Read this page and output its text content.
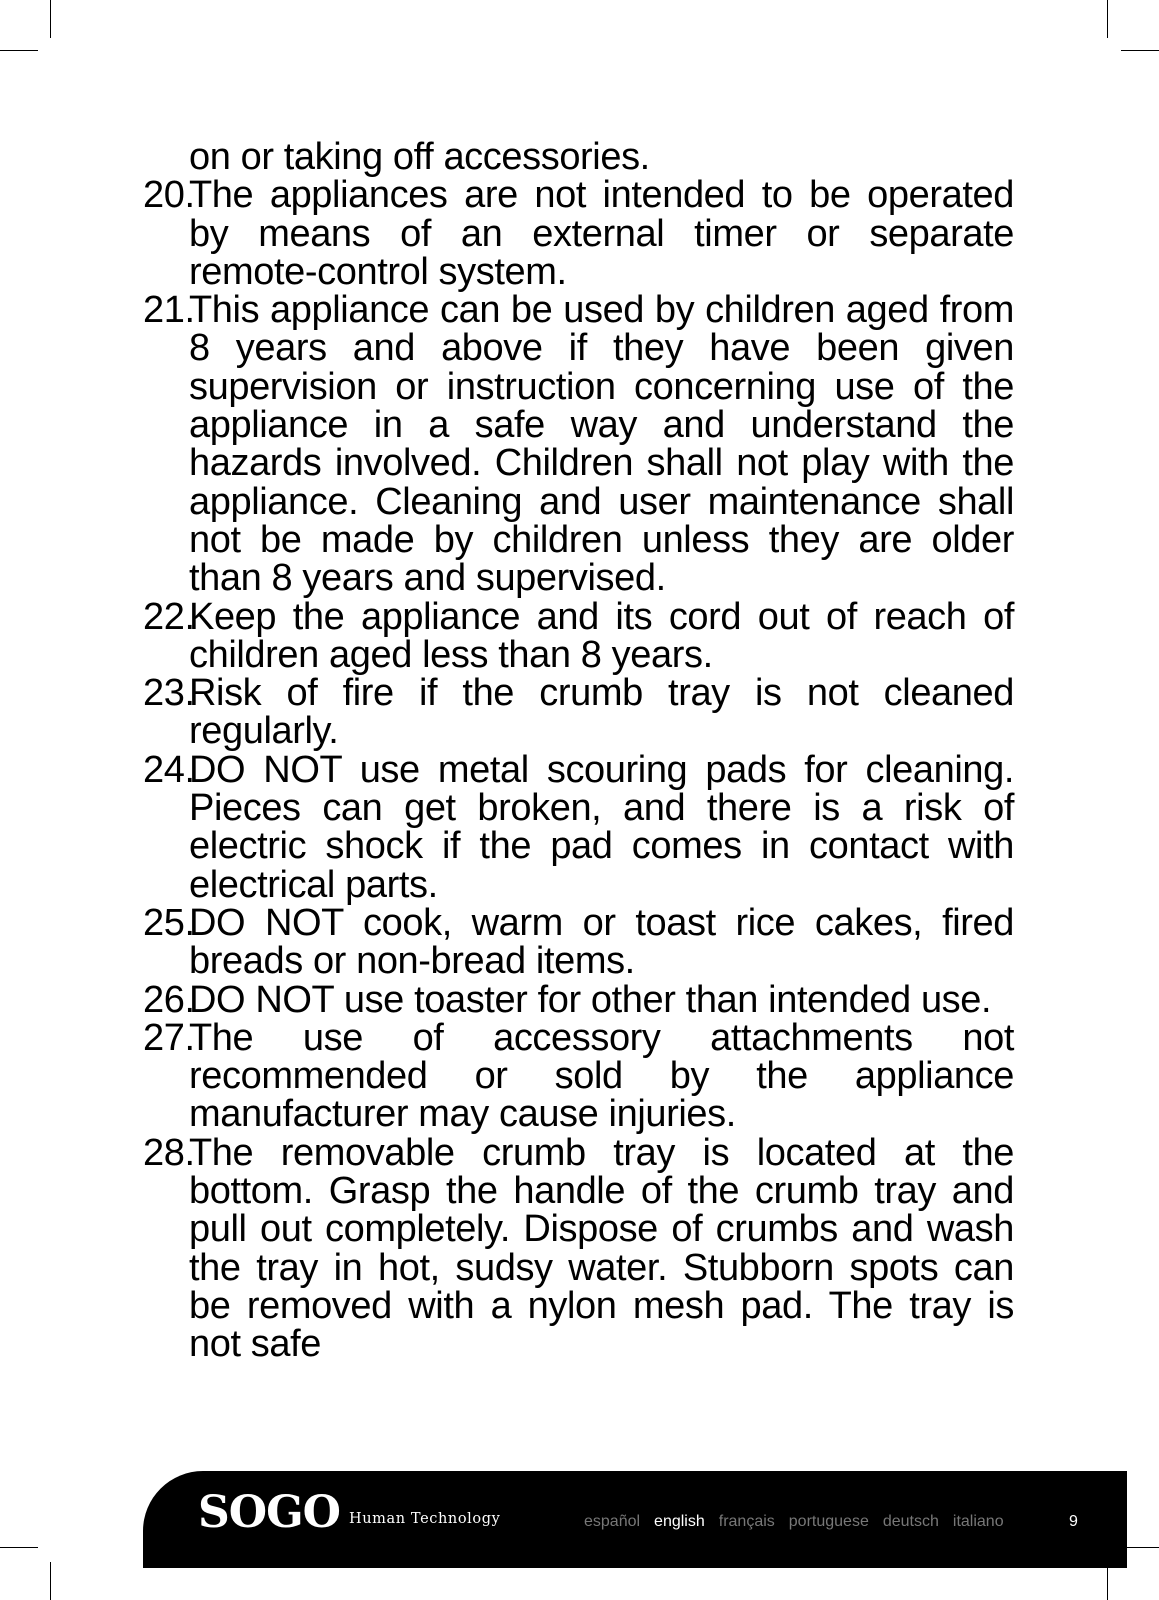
on or taking off accessories.
20.
The appliances are not intended to be operated by means of an external timer or separate remote-control system.
21.
This appliance can be used by children aged from 8 years and above if they have been given supervision or instruction concerning use of the appliance in a safe way and understand the hazards involved. Children shall not play with the appliance. Cleaning and user maintenance shall not be made by children unless they are older than 8 years and supervised.
22.
Keep the appliance and its cord out of reach of children aged less than 8 years.
23.
Risk of fire if the crumb tray is not cleaned regularly.
24.
DO NOT use metal scouring pads for cleaning. Pieces can get broken, and there is a risk of electric shock if the pad comes in contact with electrical parts.
25.
DO NOT cook, warm or toast rice cakes, fired breads or non-bread items.
26.
DO NOT use toaster for other than intended use.
27.
The use of accessory attachments not recommended or sold by the appliance manufacturer may cause injuries.
28.
The removable crumb tray is located at the bottom. Grasp the handle of the crumb tray and pull out completely. Dispose of crumbs and wash the tray in hot, sudsy water. Stubborn spots can be removed with a nylon mesh pad. The tray is not safe
SOGO Human Technology	español english français portuguese deutsch italiano	9
